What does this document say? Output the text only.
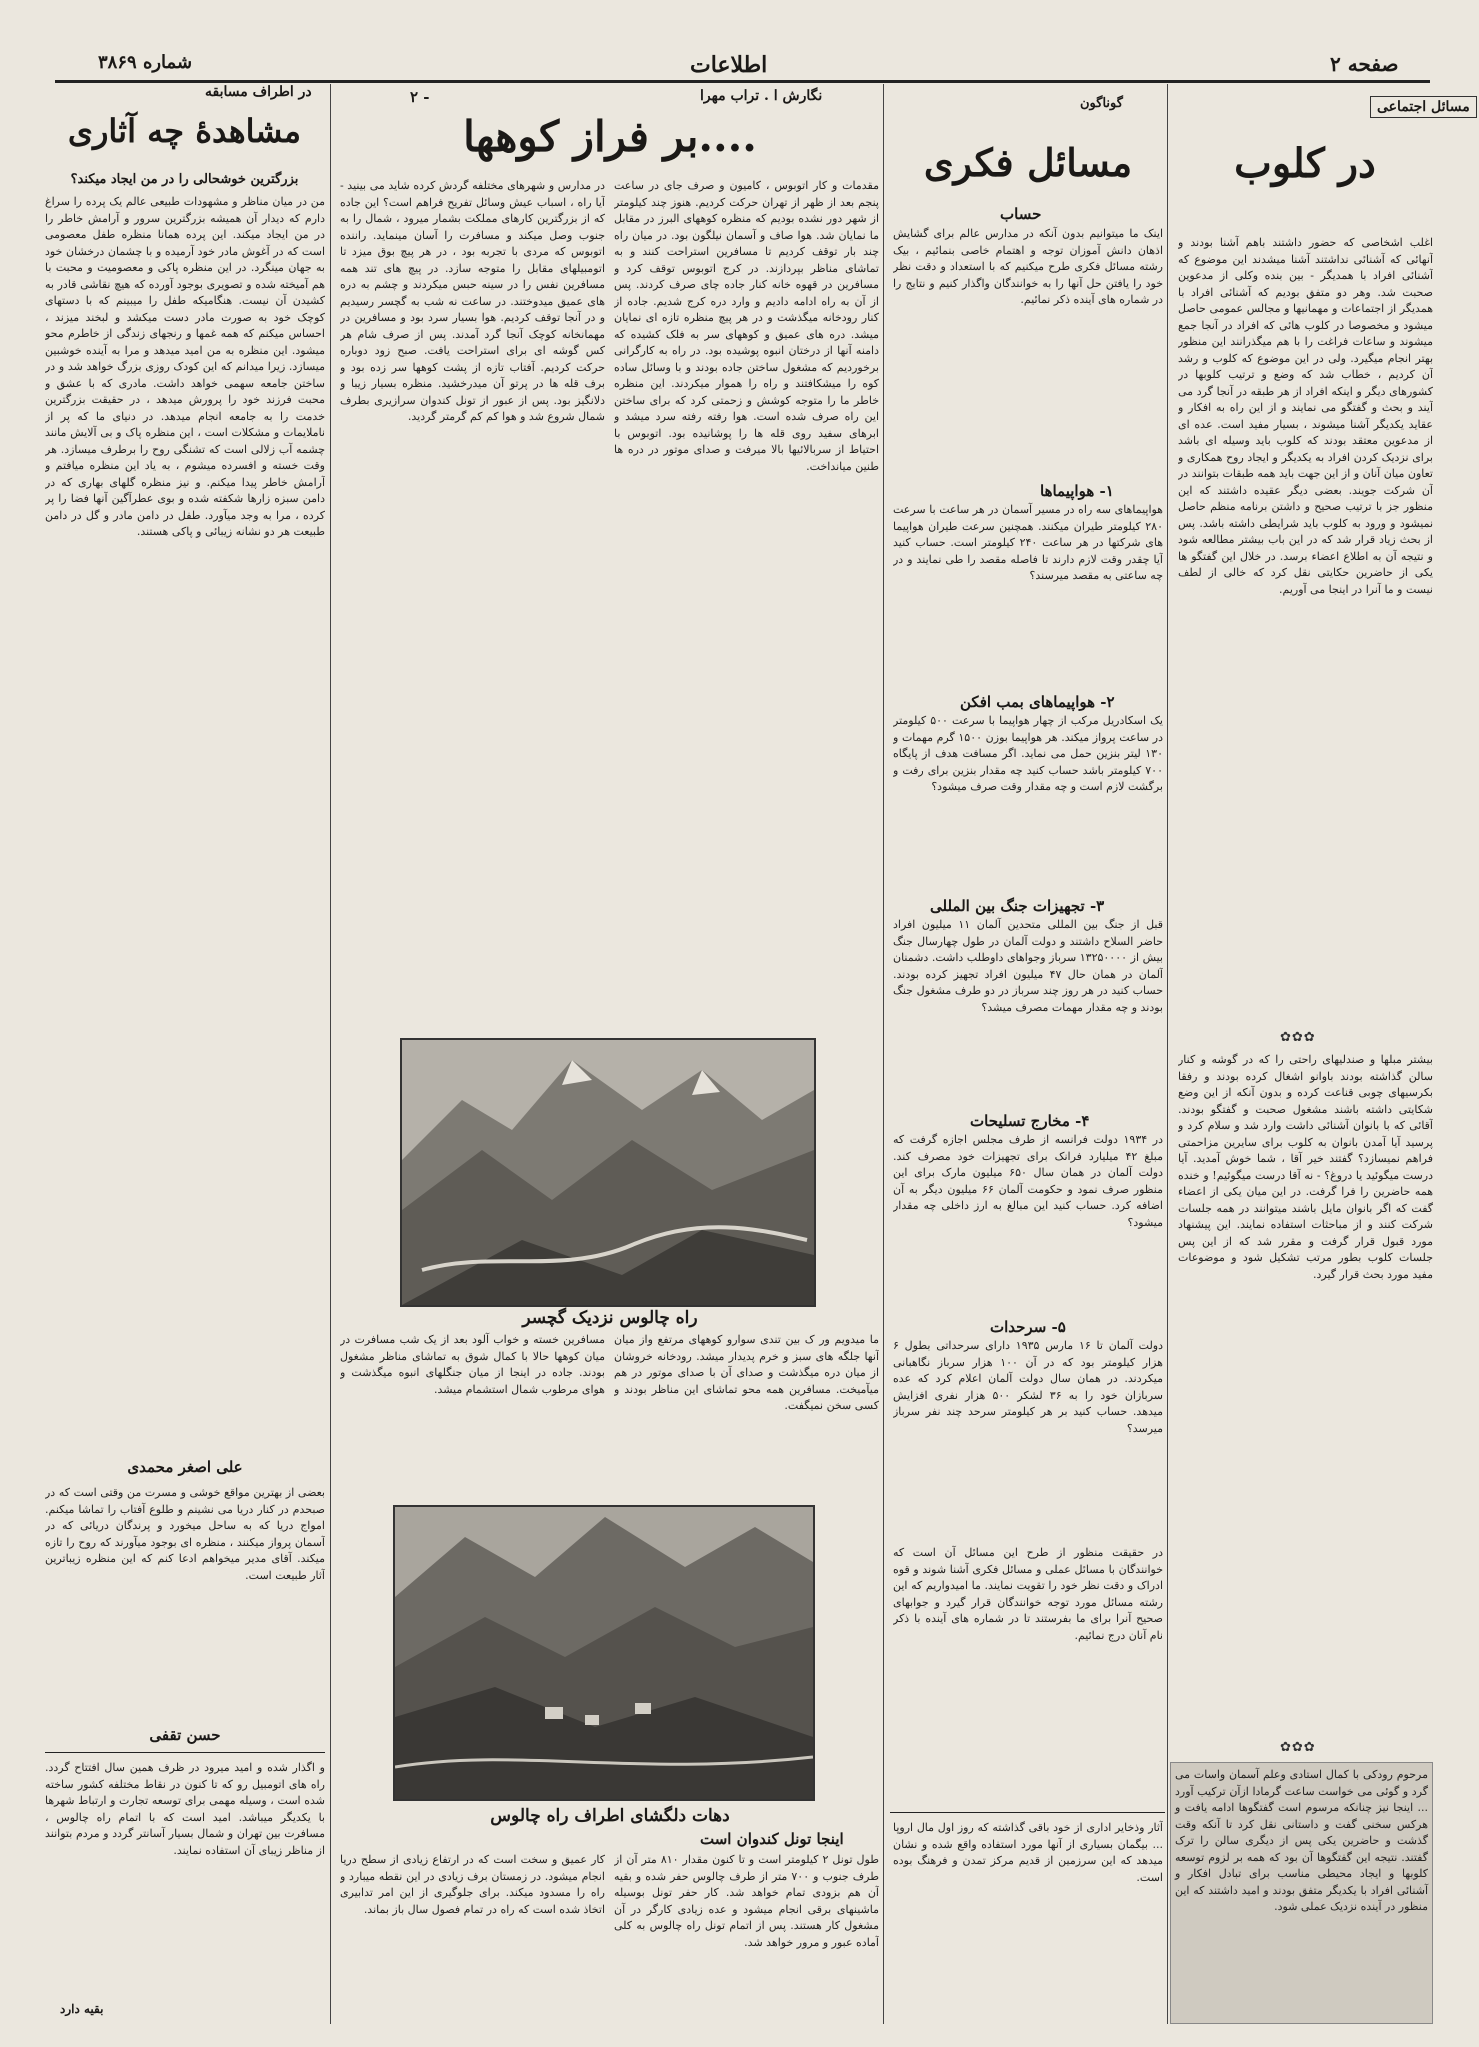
صفحه ۲
اطلاعات
شماره ۳۸۶۹
مسائل اجتماعی
در کلوب
اغلب اشخاصی که حضور داشتند باهم آشنا بودند و آنهائی که آشنائی نداشتند آشنا میشدند این موضوع که آشنائی افراد با همدیگر - بین بنده وکلی از مدعوین صحبت شد. وهر دو متفق بودیم که آشنائی افراد با همدیگر از اجتماعات و مهمانیها و مجالس عمومی حاصل میشود و مخصوصا در کلوب هائی که افراد در آنجا جمع میشوند و ساعات فراغت را با هم میگذرانند این منظور بهتر انجام میگیرد. ولی در این موضوع که کلوب و رشد آن کردیم ، خطاب شد که وضع و ترتیب کلوبها در کشورهای دیگر و اینکه افراد از هر طبقه در آنجا گرد می آیند و بحث و گفتگو می نمایند و از این راه به افکار و عقاید یکدیگر آشنا میشوند ، بسیار مفید است. عده ای از مدعوین معتقد بودند که کلوب باید وسیله ای باشد برای نزدیک کردن افراد به یکدیگر و ایجاد روح همکاری و تعاون میان آنان و از این جهت باید همه طبقات بتوانند در آن شرکت جویند. بعضی دیگر عقیده داشتند که این منظور جز با ترتیب صحیح و داشتن برنامه منظم حاصل نمیشود و ورود به کلوب باید شرایطی داشته باشد. پس از بحث زیاد قرار شد که در این باب بیشتر مطالعه شود و نتیجه آن به اطلاع اعضاء برسد. در خلال این گفتگو ها یکی از حاضرین حکایتی نقل کرد که خالی از لطف نیست و ما آنرا در اینجا می آوریم.
✿✿✿
بیشتر مبلها و صندلیهای راحتی را که در گوشه و کنار سالن گذاشته بودند باوانو اشغال کرده بودند و رفقا بکرسیهای چوبی قناعت کرده و بدون آنکه از این وضع شکایتی داشته باشند مشغول صحبت و گفتگو بودند. آقائی که با بانوان آشنائی داشت وارد شد و سلام کرد و پرسید آیا آمدن بانوان به کلوب برای سایرین مزاحمتی فراهم نمیسازد؟ گفتند خیر آقا ، شما خوش آمدید. آیا درست میگوئید یا دروغ؟ - نه آقا درست میگوئیم! و خنده همه حاضرین را فرا گرفت. در این میان یکی از اعضاء گفت که اگر بانوان مایل باشند میتوانند در همه جلسات شرکت کنند و از مباحثات استفاده نمایند. این پیشنهاد مورد قبول قرار گرفت و مقرر شد که از این پس جلسات کلوب بطور مرتب تشکیل شود و موضوعات مفید مورد بحث قرار گیرد.
✿✿✿
مرحوم رودکی با کمال استادی وعلم آسمان واسات می گرد و گوئی می خواست ساعت گرمادا ازآن ترکیب آورد ... اینجا نیز چنانکه مرسوم است گفتگوها ادامه یافت و هرکس سخنی گفت و داستانی نقل کرد تا آنکه وقت گذشت و حاضرین یکی پس از دیگری سالن را ترک گفتند. نتیجه این گفتگوها آن بود که همه بر لزوم توسعه کلوبها و ایجاد محیطی مناسب برای تبادل افکار و آشنائی افراد با یکدیگر متفق بودند و امید داشتند که این منظور در آینده نزدیک عملی شود.
گوناگون
مسائل فکری
حساب
اینک ما میتوانیم بدون آنکه در مدارس عالم برای گشایش اذهان دانش آموزان توجه و اهتمام خاصی بنمائیم ، بیک رشته مسائل فکری طرح میکنیم که با استعداد و دقت نظر خود را یافتن حل آنها را به خوانندگان واگذار کنیم و نتایج را در شماره های آینده ذکر نمائیم.
۱- هواپیماها
هواپیماهای سه راه در مسیر آسمان در هر ساعت با سرعت ۲۸۰ کیلومتر طیران میکنند. همچنین سرعت طیران هواپیما های شرکتها در هر ساعت ۲۴۰ کیلومتر است. حساب کنید آیا چقدر وقت لازم دارند تا فاصله مقصد را طی نمایند و در چه ساعتی به مقصد میرسند؟
۲- هواپیماهای بمب افکن
یک اسکادریل مرکب از چهار هواپیما با سرعت ۵۰۰ کیلومتر در ساعت پرواز میکند. هر هواپیما بوزن ۱۵۰۰ گرم مهمات و ۱۳۰ لیتر بنزین حمل می نماید. اگر مسافت هدف از پایگاه ۷۰۰ کیلومتر باشد حساب کنید چه مقدار بنزین برای رفت و برگشت لازم است و چه مقدار وقت صرف میشود؟
۳- تجهیزات جنگ بین المللی
قبل از جنگ بین المللی متحدین آلمان ۱۱ میلیون افراد حاضر السلاح داشتند و دولت آلمان در طول چهارسال جنگ بیش از ۱۳۲۵۰۰۰۰ سرباز وجواهای داوطلب داشت. دشمنان آلمان در همان حال ۴۷ میلیون افراد تجهیز کرده بودند. حساب کنید در هر روز چند سرباز در دو طرف مشغول جنگ بودند و چه مقدار مهمات مصرف میشد؟
۴- مخارج تسلیحات
در ۱۹۳۴ دولت فرانسه از طرف مجلس اجازه گرفت که مبلغ ۴۲ میلیارد فرانک برای تجهیزات خود مصرف کند. دولت آلمان در همان سال ۶۵۰ میلیون مارک برای این منظور صرف نمود و حکومت آلمان ۶۶ میلیون دیگر به آن اضافه کرد. حساب کنید این مبالغ به ارز داخلی چه مقدار میشود؟
۵- سرحدات
دولت آلمان تا ۱۶ مارس ۱۹۳۵ دارای سرحداتی بطول ۶ هزار کیلومتر بود که در آن ۱۰۰ هزار سرباز نگاهبانی میکردند. در همان سال دولت آلمان اعلام کرد که عده سربازان خود را به ۳۶ لشکر ۵۰۰ هزار نفری افزایش میدهد. حساب کنید بر هر کیلومتر سرحد چند نفر سرباز میرسد؟
در حقیقت منظور از طرح این مسائل آن است که خوانندگان با مسائل عملی و مسائل فکری آشنا شوند و قوه ادراک و دقت نظر خود را تقویت نمایند. ما امیدواریم که این رشته مسائل مورد توجه خوانندگان قرار گیرد و جوابهای صحیح آنرا برای ما بفرستند تا در شماره های آینده با ذکر نام آنان درج نمائیم.
آثار وذخایر اداری از خود باقی گذاشته که روز اول مال اروپا ... بیگمان بسیاری از آنها مورد استفاده واقع شده و نشان میدهد که این سرزمین از قدیم مرکز تمدن و فرهنگ بوده است.
نگارش ا . تراب مهرا
- ۲
....بر فراز کوهها
مقدمات و کار اتوبوس ، کامیون و صرف جای در ساعت پنجم بعد از ظهر از تهران حرکت کردیم. هنوز چند کیلومتر از شهر دور نشده بودیم که منظره کوههای البرز در مقابل ما نمایان شد. هوا صاف و آسمان نیلگون بود. در میان راه چند بار توقف کردیم تا مسافرین استراحت کنند و به تماشای مناظر بپردازند. در کرج اتوبوس توقف کرد و مسافرین در قهوه خانه کنار جاده چای صرف کردند. پس از آن به راه ادامه دادیم و وارد دره کرج شدیم. جاده از کنار رودخانه میگذشت و در هر پیچ منظره تازه ای نمایان میشد. دره های عمیق و کوههای سر به فلک کشیده که دامنه آنها از درختان انبوه پوشیده بود. در راه به کارگرانی برخوردیم که مشغول ساختن جاده بودند و با وسائل ساده کوه را میشکافتند و راه را هموار میکردند. این منظره خاطر ما را متوجه کوشش و زحمتی کرد که برای ساختن این راه صرف شده است. هوا رفته رفته سرد میشد و ابرهای سفید روی قله ها را پوشانیده بود. اتوبوس با احتیاط از سربالائیها بالا میرفت و صدای موتور در دره ها طنین میانداخت.
در مدارس و شهرهای مختلفه گردش کرده شاید می بینید - آیا راه ، اسباب عیش وسائل تفریح فراهم است؟ این جاده که از بزرگترین کارهای مملکت بشمار میرود ، شمال را به جنوب وصل میکند و مسافرت را آسان مینماید. راننده اتوبوس که مردی با تجربه بود ، در هر پیچ بوق میزد تا اتومبیلهای مقابل را متوجه سازد. در پیچ های تند همه مسافرین نفس را در سینه حبس میکردند و چشم به دره های عمیق میدوختند. در ساعت نه شب به گچسر رسیدیم و در آنجا توقف کردیم. هوا بسیار سرد بود و مسافرین در مهمانخانه کوچک آنجا گرد آمدند. پس از صرف شام هر کس گوشه ای برای استراحت یافت. صبح زود دوباره حرکت کردیم. آفتاب تازه از پشت کوهها سر زده بود و برف قله ها در پرتو آن میدرخشید. منظره بسیار زیبا و دلانگیز بود. پس از عبور از تونل کندوان سرازیری بطرف شمال شروع شد و هوا کم کم گرمتر گردید.
راه چالوس نزدیک گچسر
ما میدویم ور ک بین تندی سوارو کوههای مرتفع واز میان آنها جلگه های سبز و خرم پدیدار میشد. رودخانه خروشان از میان دره میگذشت و صدای آن با صدای موتور در هم میآمیخت. مسافرین همه محو تماشای این مناظر بودند و کسی سخن نمیگفت.
مسافرین خسته و خواب آلود بعد از یک شب مسافرت در میان کوهها حالا با کمال شوق به تماشای مناظر مشغول بودند. جاده در اینجا از میان جنگلهای انبوه میگذشت و هوای مرطوب شمال استشمام میشد.
دهات دلگشای اطراف راه چالوس
اینجا تونل کندوان است
طول تونل ۲ کیلومتر است و تا کنون مقدار ۸۱۰ متر آن از طرف جنوب و ۷۰۰ متر از طرف چالوس حفر شده و بقیه آن هم بزودی تمام خواهد شد. کار حفر تونل بوسیله ماشینهای برقی انجام میشود و عده زیادی کارگر در آن مشغول کار هستند. پس از اتمام تونل راه چالوس به کلی آماده عبور و مرور خواهد شد.
کار عمیق و سخت است که در ارتفاع زیادی از سطح دریا انجام میشود. در زمستان برف زیادی در این نقطه میبارد و راه را مسدود میکند. برای جلوگیری از این امر تدابیری اتخاذ شده است که راه در تمام فصول سال باز بماند.
در اطراف مسابقه
مشاهدهٔ چه آثاری
بزرگترین خوشحالی را در من ایجاد میکند؟
من در میان مناظر و مشهودات طبیعی عالم یک پرده را سراغ دارم که دیدار آن همیشه بزرگترین سرور و آرامش خاطر را در من ایجاد میکند. این پرده همانا منظره طفل معصومی است که در آغوش مادر خود آرمیده و با چشمان درخشان خود به جهان مینگرد. در این منظره پاکی و معصومیت و محبت با هم آمیخته شده و تصویری بوجود آورده که هیچ نقاشی قادر به کشیدن آن نیست. هنگامیکه طفل را میبینم که با دستهای کوچک خود به صورت مادر دست میکشد و لبخند میزند ، احساس میکنم که همه غمها و رنجهای زندگی از خاطرم محو میشود. این منظره به من امید میدهد و مرا به آینده خوشبین میسازد. زیرا میدانم که این کودک روزی بزرگ خواهد شد و در ساختن جامعه سهمی خواهد داشت. مادری که با عشق و محبت فرزند خود را پرورش میدهد ، در حقیقت بزرگترین خدمت را به جامعه انجام میدهد. در دنیای ما که پر از ناملایمات و مشکلات است ، این منظره پاک و بی آلایش مانند چشمه آب زلالی است که تشنگی روح را برطرف میسازد. هر وقت خسته و افسرده میشوم ، به یاد این منظره میافتم و آرامش خاطر پیدا میکنم. و نیز منظره گلهای بهاری که در دامن سبزه زارها شکفته شده و بوی عطرآگین آنها فضا را پر کرده ، مرا به وجد میآورد. طفل در دامن مادر و گل در دامن طبیعت هر دو نشانه زیبائی و پاکی هستند.
علی اصغر محمدی
بعضی از بهترین مواقع خوشی و مسرت من وقتی است که در صبحدم در کنار دریا می نشینم و طلوع آفتاب را تماشا میکنم. امواج دریا که به ساحل میخورد و پرندگان دریائی که در آسمان پرواز میکنند ، منظره ای بوجود میآورند که روح را تازه میکند. آقای مدیر میخواهم ادعا کنم که این منظره زیباترین آثار طبیعت است.
حسن تقفی
و اگذار شده و امید میرود در ظرف همین سال افتتاح گردد. راه های اتومبیل رو که تا کنون در نقاط مختلفه کشور ساخته شده است ، وسیله مهمی برای توسعه تجارت و ارتباط شهرها با یکدیگر میباشد. امید است که با اتمام راه چالوس ، مسافرت بین تهران و شمال بسیار آسانتر گردد و مردم بتوانند از مناظر زیبای آن استفاده نمایند.
بقیه دارد
